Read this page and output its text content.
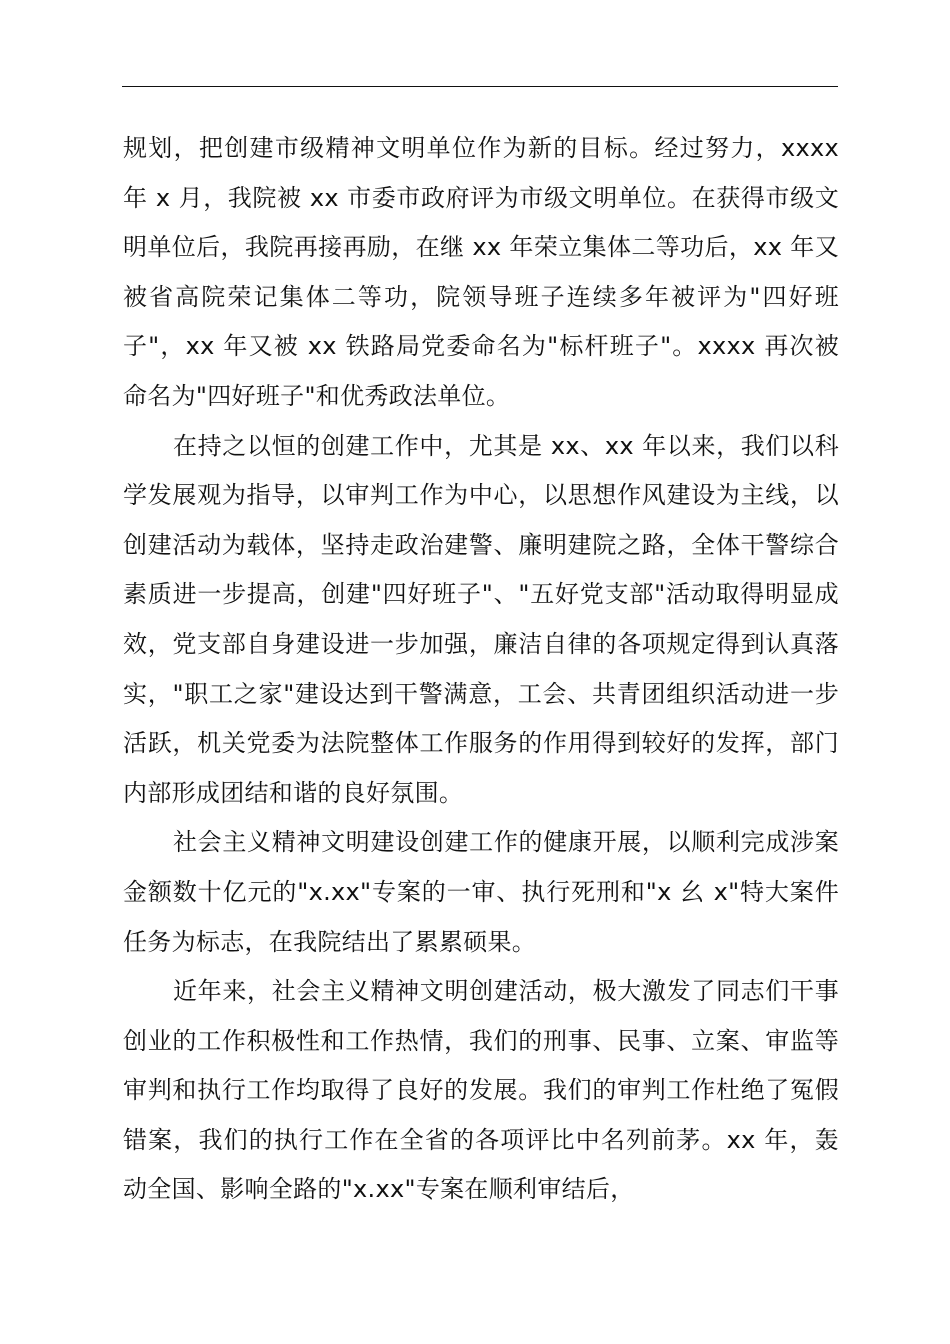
规划，把创建市级精神文明单位作为新的目标。经过努力，xxxx 年 x 月，我院被 xx 市委市政府评为市级文明单位。在获得市级文明单位后，我院再接再励，在继 xx 年荣立集体二等功后，xx 年又被省高院荣记集体二等功，院领导班子连续多年被评为"四好班子"，xx 年又被 xx 铁路局党委命名为"标杆班子"。xxxx 再次被命名为"四好班子"和优秀政法单位。

在持之以恒的创建工作中，尤其是 xx、xx 年以来，我们以科学发展观为指导，以审判工作为中心，以思想作风建设为主线，以创建活动为载体，坚持走政治建警、廉明建院之路，全体干警综合素质进一步提高，创建"四好班子"、"五好党支部"活动取得明显成效，党支部自身建设进一步加强，廉洁自律的各项规定得到认真落实，"职工之家"建设达到干警满意，工会、共青团组织活动进一步活跃，机关党委为法院整体工作服务的作用得到较好的发挥，部门内部形成团结和谐的良好氛围。

社会主义精神文明建设创建工作的健康开展，以顺利完成涉案金额数十亿元的"x.xx"专案的一审、执行死刑和"x 幺 x"特大案件任务为标志，在我院结出了累累硕果。

近年来，社会主义精神文明创建活动，极大激发了同志们干事创业的工作积极性和工作热情，我们的刑事、民事、立案、审监等审判和执行工作均取得了良好的发展。我们的审判工作杜绝了冤假错案，我们的执行工作在全省的各项评比中名列前茅。xx 年，轰动全国、影响全路的"x.xx"专案在顺利审结后，
